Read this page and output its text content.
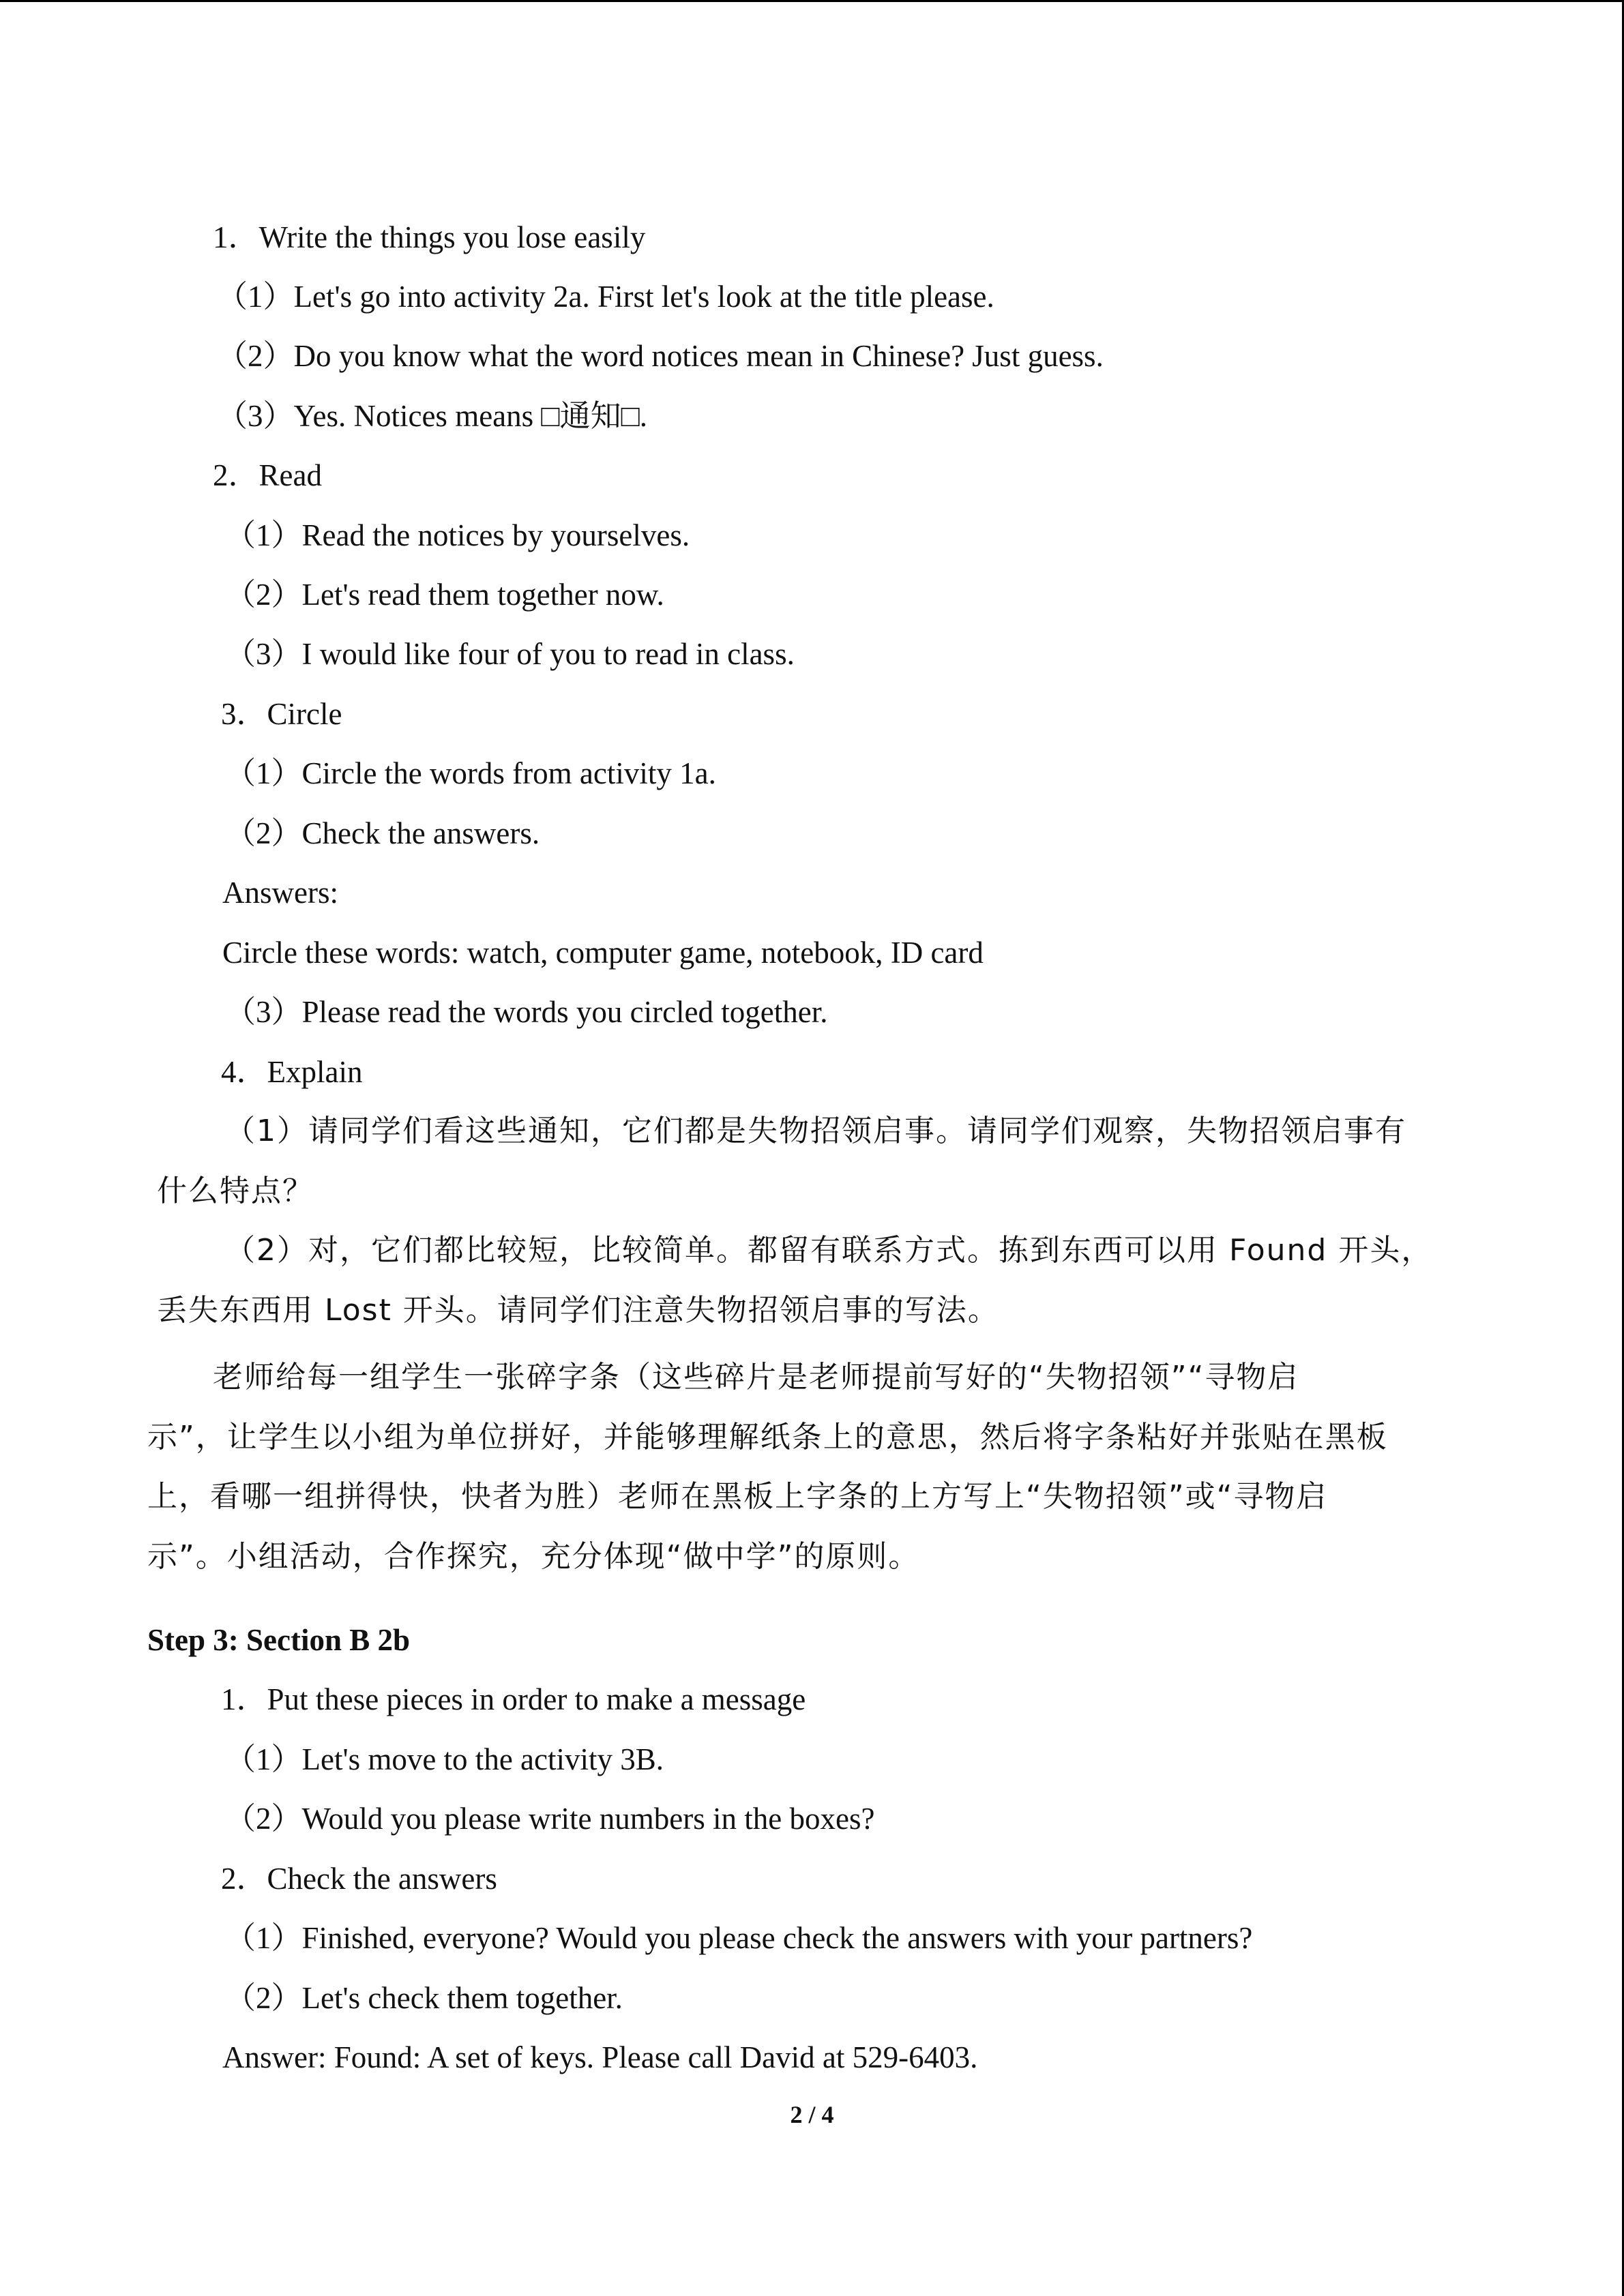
1．Write the things you lose easily
（1）Let's go into activity 2a. First let's look at the title please.
（2）Do you know what the word notices mean in Chinese? Just guess.
（3）Yes. Notices means □通知□.
2．Read
（1）Read the notices by yourselves.
（2）Let's read them together now.
（3）I would like four of you to read in class.
3．Circle
（1）Circle the words from activity 1a.
（2）Check the answers.
Answers:
Circle these words: watch, computer game, notebook, ID card
（3）Please read the words you circled together.
4．Explain
（1）请同学们看这些通知，它们都是失物招领启事。请同学们观察，失物招领启事有
什么特点？
（2）对，它们都比较短，比较简单。都留有联系方式。拣到东西可以用 Found 开头，
丢失东西用 Lost 开头。请同学们注意失物招领启事的写法。
老师给每一组学生一张碎字条（这些碎片是老师提前写好的“失物招领”“寻物启
示”，让学生以小组为单位拼好，并能够理解纸条上的意思，然后将字条粘好并张贴在黑板
上，看哪一组拼得快，快者为胜）老师在黑板上字条的上方写上“失物招领”或“寻物启
示”。小组活动，合作探究，充分体现“做中学”的原则。
Step 3: Section B 2b
1．Put these pieces in order to make a message
（1）Let's move to the activity 3B.
（2）Would you please write numbers in the boxes?
2．Check the answers
（1）Finished, everyone? Would you please check the answers with your partners?
（2）Let's check them together.
Answer: Found: A set of keys. Please call David at 529-6403.
2 / 4
